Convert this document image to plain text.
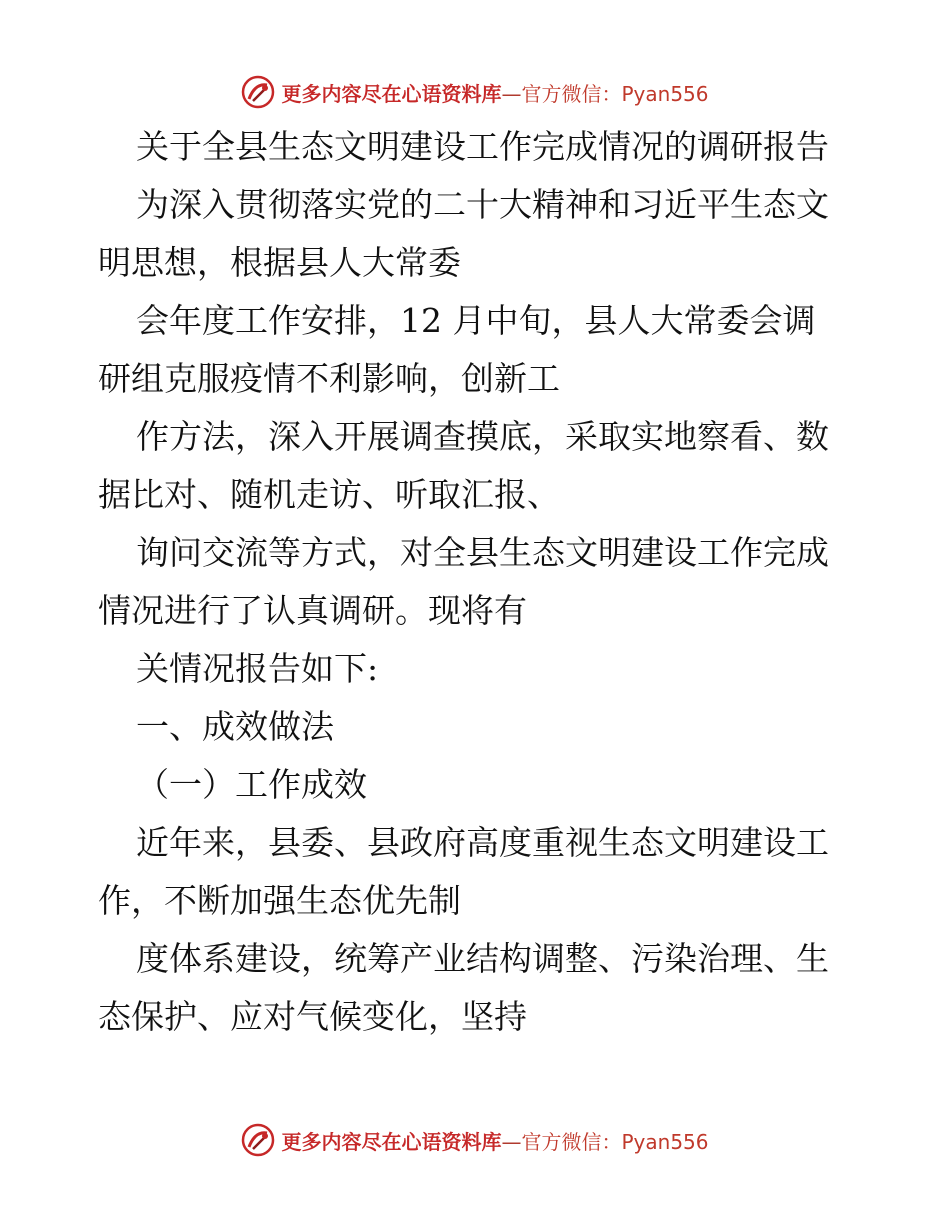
更多内容尽在心语资料库—官方微信：Pyan556
关于全县生态文明建设工作完成情况的调研报告
为深入贯彻落实党的二十大精神和习近平生态文
明思想，根据县人大常委
会年度工作安排，12 月中旬，县人大常委会调
研组克服疫情不利影响，创新工
作方法，深入开展调查摸底，采取实地察看、数
据比对、随机走访、听取汇报、
询问交流等方式，对全县生态文明建设工作完成
情况进行了认真调研。现将有
关情况报告如下:
一、成效做法
（一）工作成效
近年来，县委、县政府高度重视生态文明建设工
作，不断加强生态优先制
度体系建设，统筹产业结构调整、污染治理、生
态保护、应对气候变化，坚持
更多内容尽在心语资料库—官方微信：Pyan556
